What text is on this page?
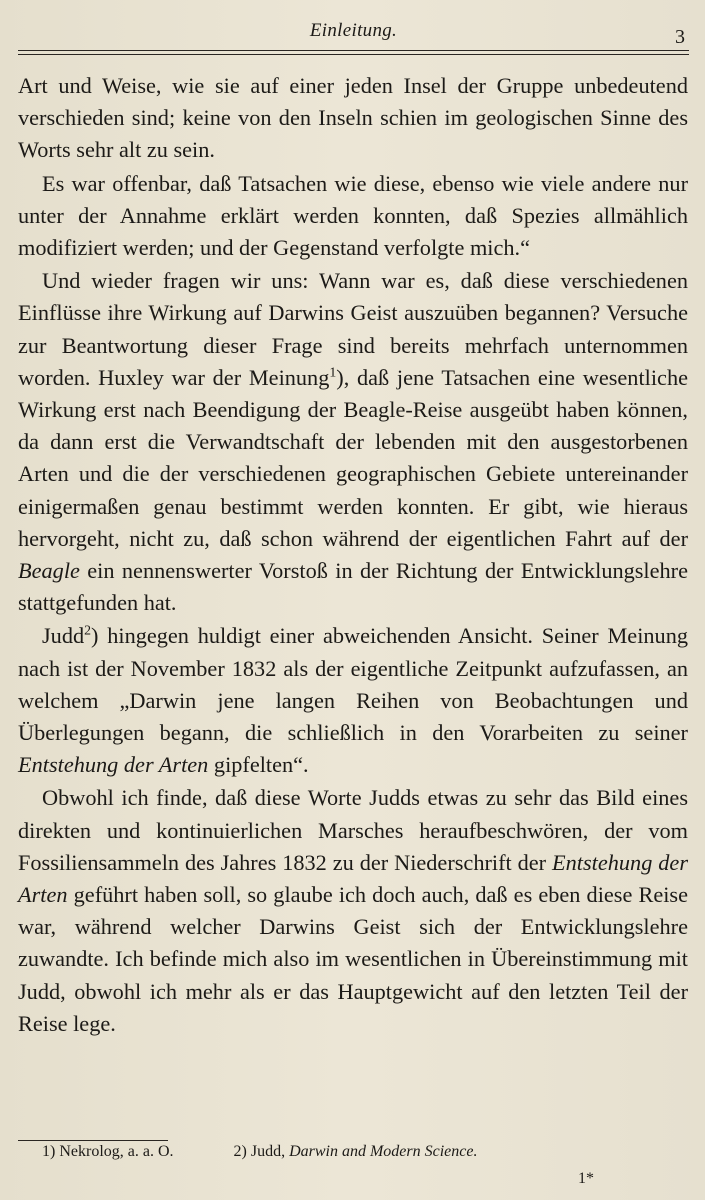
Einleitung.	3

Art und Weise, wie sie auf einer jeden Insel der Gruppe unbedeutend verschieden sind; keine von den Inseln schien im geologischen Sinne des Worts sehr alt zu sein.

Es war offenbar, daß Tatsachen wie diese, ebenso wie viele andere nur unter der Annahme erklärt werden konnten, daß Spezies allmählich modifiziert werden; und der Gegenstand verfolgte mich.“

Und wieder fragen wir uns: Wann war es, daß diese verschiedenen Einflüsse ihre Wirkung auf Darwins Geist auszuüben begannen? Versuche zur Beantwortung dieser Frage sind bereits mehrfach unternommen worden. Huxley war der Meinung$^1$), daß jene Tatsachen eine wesentliche Wirkung erst nach Beendigung der Beagle-Reise ausgeübt haben können, da dann erst die Verwandtschaft der lebenden mit den ausgestorbenen Arten und die der verschiedenen geographischen Gebiete untereinander einigermaßen genau bestimmt werden konnten. Er gibt, wie hieraus hervorgeht, nicht zu, daß schon während der eigentlichen Fahrt auf der Beagle ein nennenswerter Vorstoß in der Richtung der Entwicklungslehre stattgefunden hat.

Judd$^2$) hingegen huldigt einer abweichenden Ansicht. Seiner Meinung nach ist der November 1832 als der eigentliche Zeitpunkt aufzufassen, an welchem „Darwin jene langen Reihen von Beobachtungen und Überlegungen begann, die schließlich in den Vorarbeiten zu seiner Entstehung der Arten gipfelten“.

Obwohl ich finde, daß diese Worte Judds etwas zu sehr das Bild eines direkten und kontinuierlichen Marsches heraufbeschwören, der vom Fossiliensammeln des Jahres 1832 zu der Niederschrift der Entstehung der Arten geführt haben soll, so glaube ich doch auch, daß es eben diese Reise war, während welcher Darwins Geist sich der Entwicklungslehre zuwandte. Ich befinde mich also im wesentlichen in Übereinstimmung mit Judd, obwohl ich mehr als er das Hauptgewicht auf den letzten Teil der Reise lege.

1) Nekrolog, a. a. O.	2) Judd, Darwin and Modern Science.
1*
